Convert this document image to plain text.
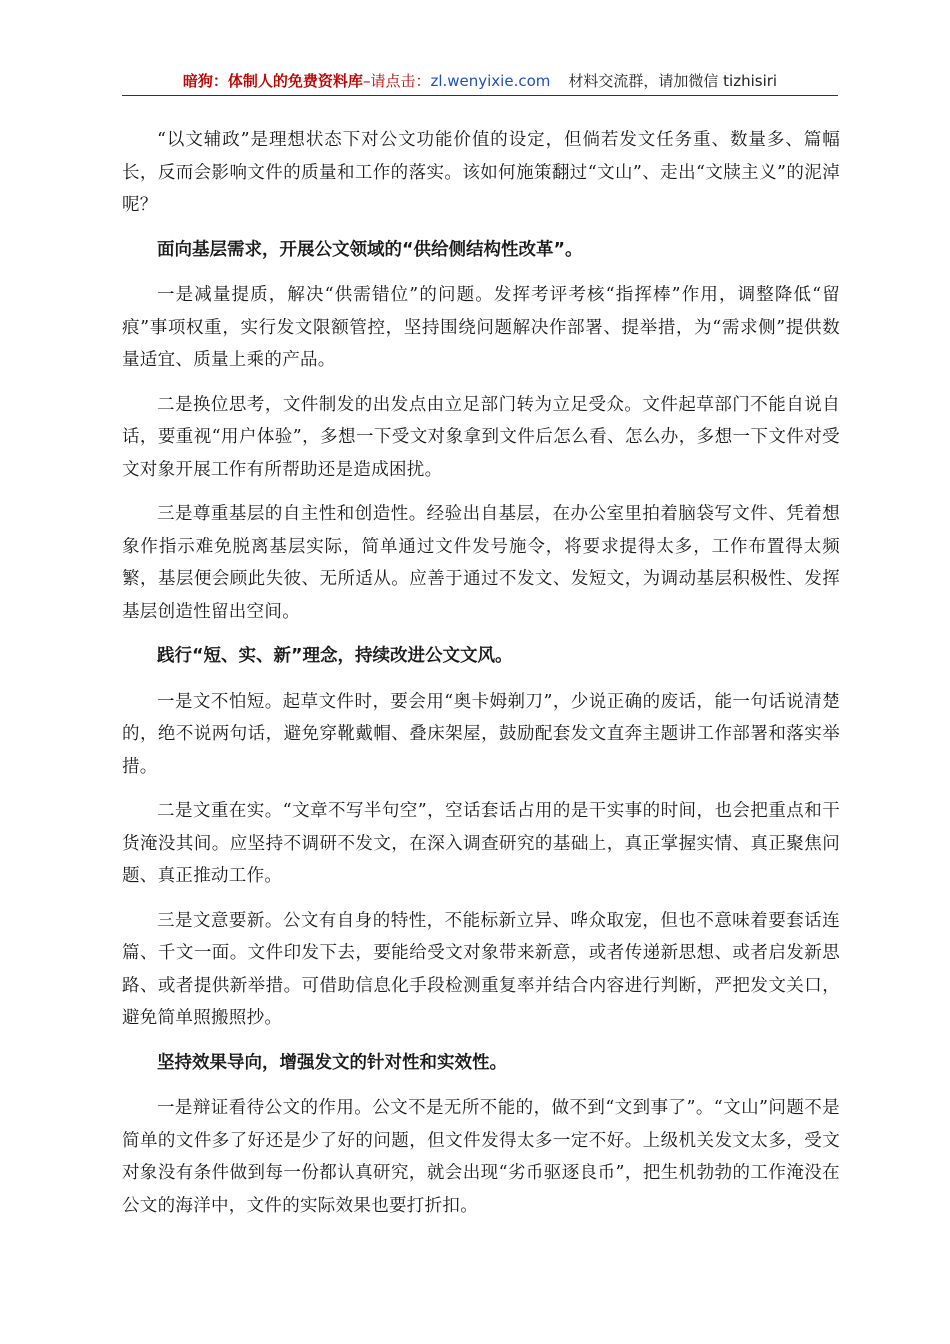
暗狗：体制人的免费资料库–请点击：zl.wenyixie.com 材料交流群，请加微信 tizhisiri

“以文辅政”是理想状态下对公文功能价值的设定，但倘若发文任务重、数量多、篇幅长，反而会影响文件的质量和工作的落实。该如何施策翻过“文山”、走出“文牍主义”的泥淖呢？

面向基层需求，开展公文领域的“供给侧结构性改革”。

一是减量提质，解决“供需错位”的问题。发挥考评考核“指挥棒”作用，调整降低“留痕”事项权重，实行发文限额管控，坚持围绕问题解决作部署、提举措，为“需求侧”提供数量适宜、质量上乘的产品。

二是换位思考，文件制发的出发点由立足部门转为立足受众。文件起草部门不能自说自话，要重视“用户体验”，多想一下受文对象拿到文件后怎么看、怎么办，多想一下文件对受文对象开展工作有所帮助还是造成困扰。

三是尊重基层的自主性和创造性。经验出自基层，在办公室里拍着脑袋写文件、凭着想象作指示难免脱离基层实际，简单通过文件发号施令，将要求提得太多，工作布置得太频繁，基层便会顾此失彼、无所适从。应善于通过不发文、发短文，为调动基层积极性、发挥基层创造性留出空间。

践行“短、实、新”理念，持续改进公文文风。

一是文不怕短。起草文件时，要会用“奥卡姆剃刀”，少说正确的废话，能一句话说清楚的，绝不说两句话，避免穿靴戴帽、叠床架屋，鼓励配套发文直奔主题讲工作部署和落实举措。

二是文重在实。“文章不写半句空”，空话套话占用的是干实事的时间，也会把重点和干货淹没其间。应坚持不调研不发文，在深入调查研究的基础上，真正掌握实情、真正聚焦问题、真正推动工作。

三是文意要新。公文有自身的特性，不能标新立异、哗众取宠，但也不意味着要套话连篇、千文一面。文件印发下去，要能给受文对象带来新意，或者传递新思想、或者启发新思路、或者提供新举措。可借助信息化手段检测重复率并结合内容进行判断，严把发文关口，避免简单照搬照抄。

坚持效果导向，增强发文的针对性和实效性。

一是辩证看待公文的作用。公文不是无所不能的，做不到“文到事了”。“文山”问题不是简单的文件多了好还是少了好的问题，但文件发得太多一定不好。上级机关发文太多，受文对象没有条件做到每一份都认真研究，就会出现“劣币驱逐良币”，把生机勃勃的工作淹没在公文的海洋中，文件的实际效果也要打折扣。
